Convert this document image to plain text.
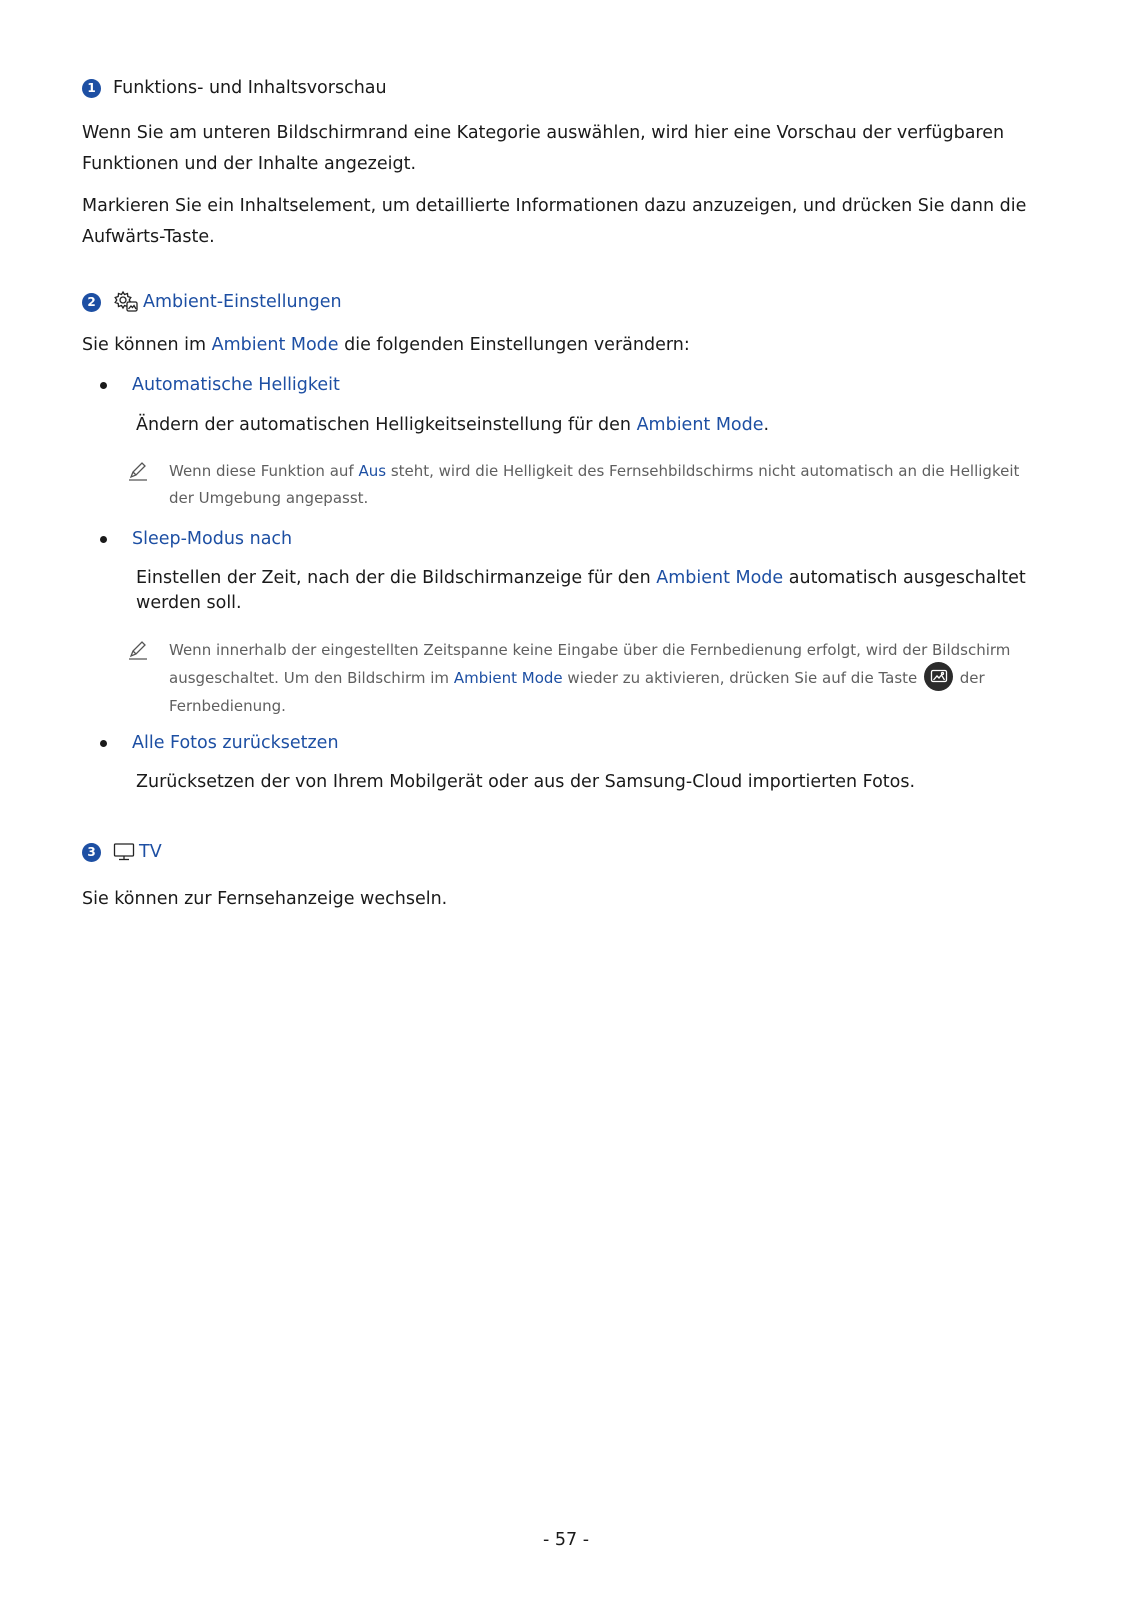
1 Funktions- und Inhaltsvorschau

Wenn Sie am unteren Bildschirmrand eine Kategorie auswählen, wird hier eine Vorschau der verfügbaren Funktionen und der Inhalte angezeigt.

Markieren Sie ein Inhaltselement, um detaillierte Informationen dazu anzuzeigen, und drücken Sie dann die Aufwärts-Taste.

2	Ambient-Einstellungen

Sie können im Ambient Mode die folgenden Einstellungen verändern:

Automatische Helligkeit

Ändern der automatischen Helligkeitseinstellung für den Ambient Mode.

Wenn diese Funktion auf Aus steht, wird die Helligkeit des Fernsehbildschirms nicht automatisch an die Helligkeit der Umgebung angepasst.

Sleep-Modus nach

Einstellen der Zeit, nach der die Bildschirmanzeige für den Ambient Mode automatisch ausgeschaltet werden soll.

Wenn innerhalb der eingestellten Zeitspanne keine Eingabe über die Fernbedienung erfolgt, wird der Bildschirm ausgeschaltet. Um den Bildschirm im Ambient Mode wieder zu aktivieren, drücken Sie auf die Taste
der Fernbedienung.

Alle Fotos zurücksetzen

Zurücksetzen der von Ihrem Mobilgerät oder aus der Samsung-Cloud importierten Fotos.

3	TV

Sie können zur Fernsehanzeige wechseln.

- 57 -
